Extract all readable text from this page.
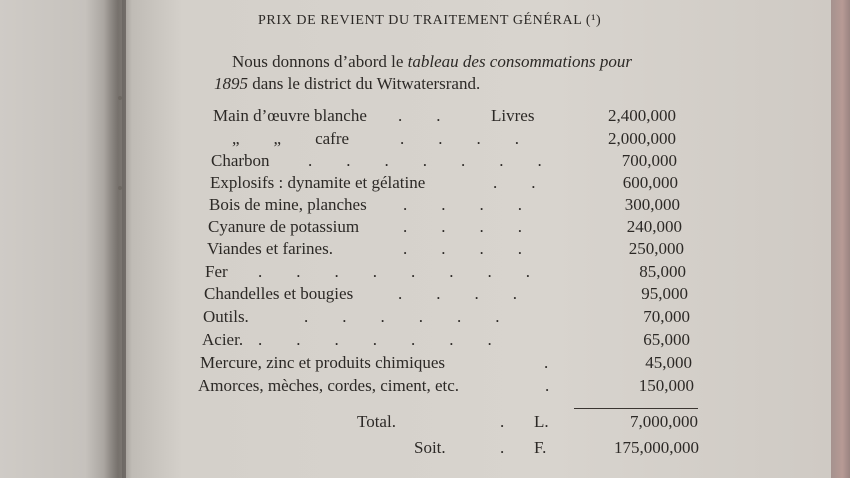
PRIX DE REVIENT DU TRAITEMENT GÉNÉRAL (¹)
Nous donnons d’abord le tableau des consommations pour
1895 dans le district du Witwatersrand.
Main d’œuvre blanche .        .	Livres	2,400,000
„        „        cafre	.        .        .        .	2,000,000
Charbon .        .        .        .        .        .        .	700,000
Explosifs : dynamite et gélatine	.        .	600,000
Bois de mine, planches .        .        .        .	300,000
Cyanure de potassium	.        .        .        .	240,000
Viandes et farines.	.        .        .        .	250,000
Fer .        .        .        .        .        .        .        .	85,000
Chandelles et bougies	.        .        .        .	95,000
Outils.	.        .        .        .        .        .	70,000
Acier. .        .        .        .        .        .        .	65,000
Mercure, zinc et produits chimiques	.	45,000
Amorces, mèches, cordes, ciment, etc.	.	150,000
Total.	. L.	7,000,000
Soit.	. F.	175,000,000
